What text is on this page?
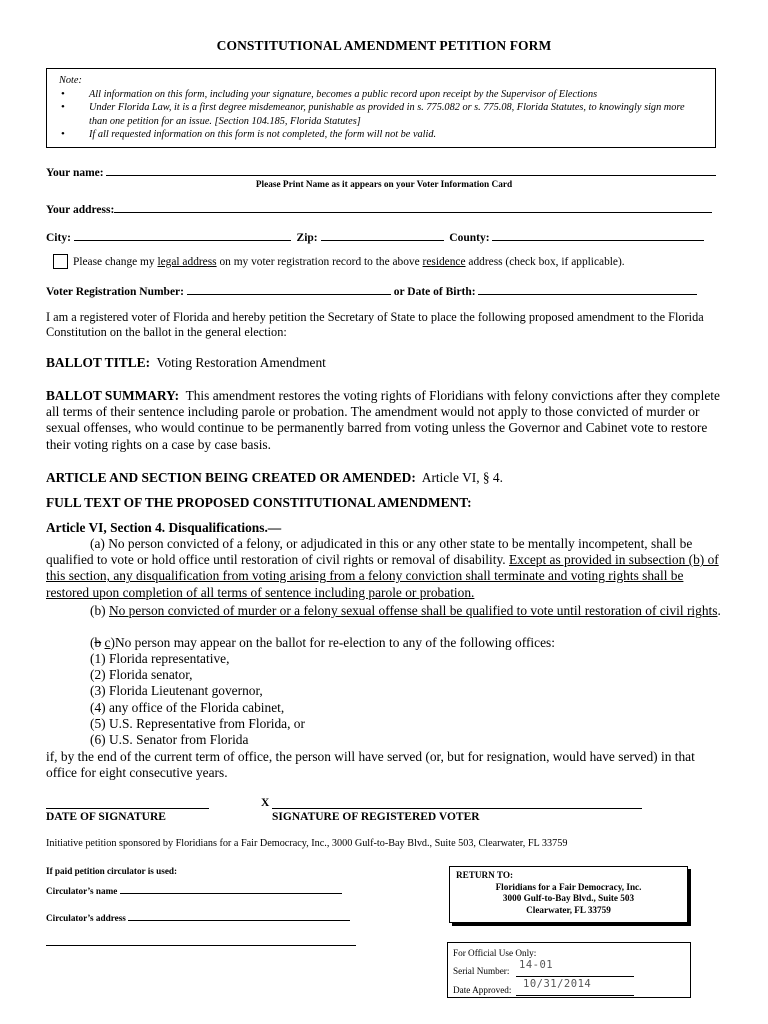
CONSTITUTIONAL AMENDMENT PETITION FORM
Note:
• All information on this form, including your signature, becomes a public record upon receipt by the Supervisor of Elections
• Under Florida Law, it is a first degree misdemeanor, punishable as provided in s. 775.082 or s. 775.08, Florida Statutes, to knowingly sign more than one petition for an issue. [Section 104.185, Florida Statutes]
• If all requested information on this form is not completed, the form will not be valid.
Your name:
Please Print Name as it appears on your Voter Information Card
Your address:
City:	Zip:	County:
Please change my legal address on my voter registration record to the above residence address (check box, if applicable).
Voter Registration Number:	or Date of Birth:
I am a registered voter of Florida and hereby petition the Secretary of State to place the following proposed amendment to the Florida Constitution on the ballot in the general election:
BALLOT TITLE: Voting Restoration Amendment
BALLOT SUMMARY: This amendment restores the voting rights of Floridians with felony convictions after they complete all terms of their sentence including parole or probation. The amendment would not apply to those convicted of murder or sexual offenses, who would continue to be permanently barred from voting unless the Governor and Cabinet vote to restore their voting rights on a case by case basis.
ARTICLE AND SECTION BEING CREATED OR AMENDED: Article VI, § 4.
FULL TEXT OF THE PROPOSED CONSTITUTIONAL AMENDMENT:
Article VI, Section 4. Disqualifications.—
(a) No person convicted of a felony, or adjudicated in this or any other state to be mentally incompetent, shall be qualified to vote or hold office until restoration of civil rights or removal of disability. Except as provided in subsection (b) of this section, any disqualification from voting arising from a felony conviction shall terminate and voting rights shall be restored upon completion of all terms of sentence including parole or probation.
(b) No person convicted of murder or a felony sexual offense shall be qualified to vote until restoration of civil rights.
(b c)No person may appear on the ballot for re-election to any of the following offices:
(1) Florida representative,
(2) Florida senator,
(3) Florida Lieutenant governor,
(4) any office of the Florida cabinet,
(5) U.S. Representative from Florida, or
(6) U.S. Senator from Florida
if, by the end of the current term of office, the person will have served (or, but for resignation, would have served) in that office for eight consecutive years.
X
DATE OF SIGNATURE	SIGNATURE OF REGISTERED VOTER
Initiative petition sponsored by Floridians for a Fair Democracy, Inc., 3000 Gulf-to-Bay Blvd., Suite 503, Clearwater, FL 33759
If paid petition circulator is used:
Circulator’s name
Circulator’s address
RETURN TO:
Floridians for a Fair Democracy, Inc.
3000 Gulf-to-Bay Blvd., Suite 503
Clearwater, FL 33759
For Official Use Only:
Serial Number: 14-01
Date Approved: 10/31/2014
